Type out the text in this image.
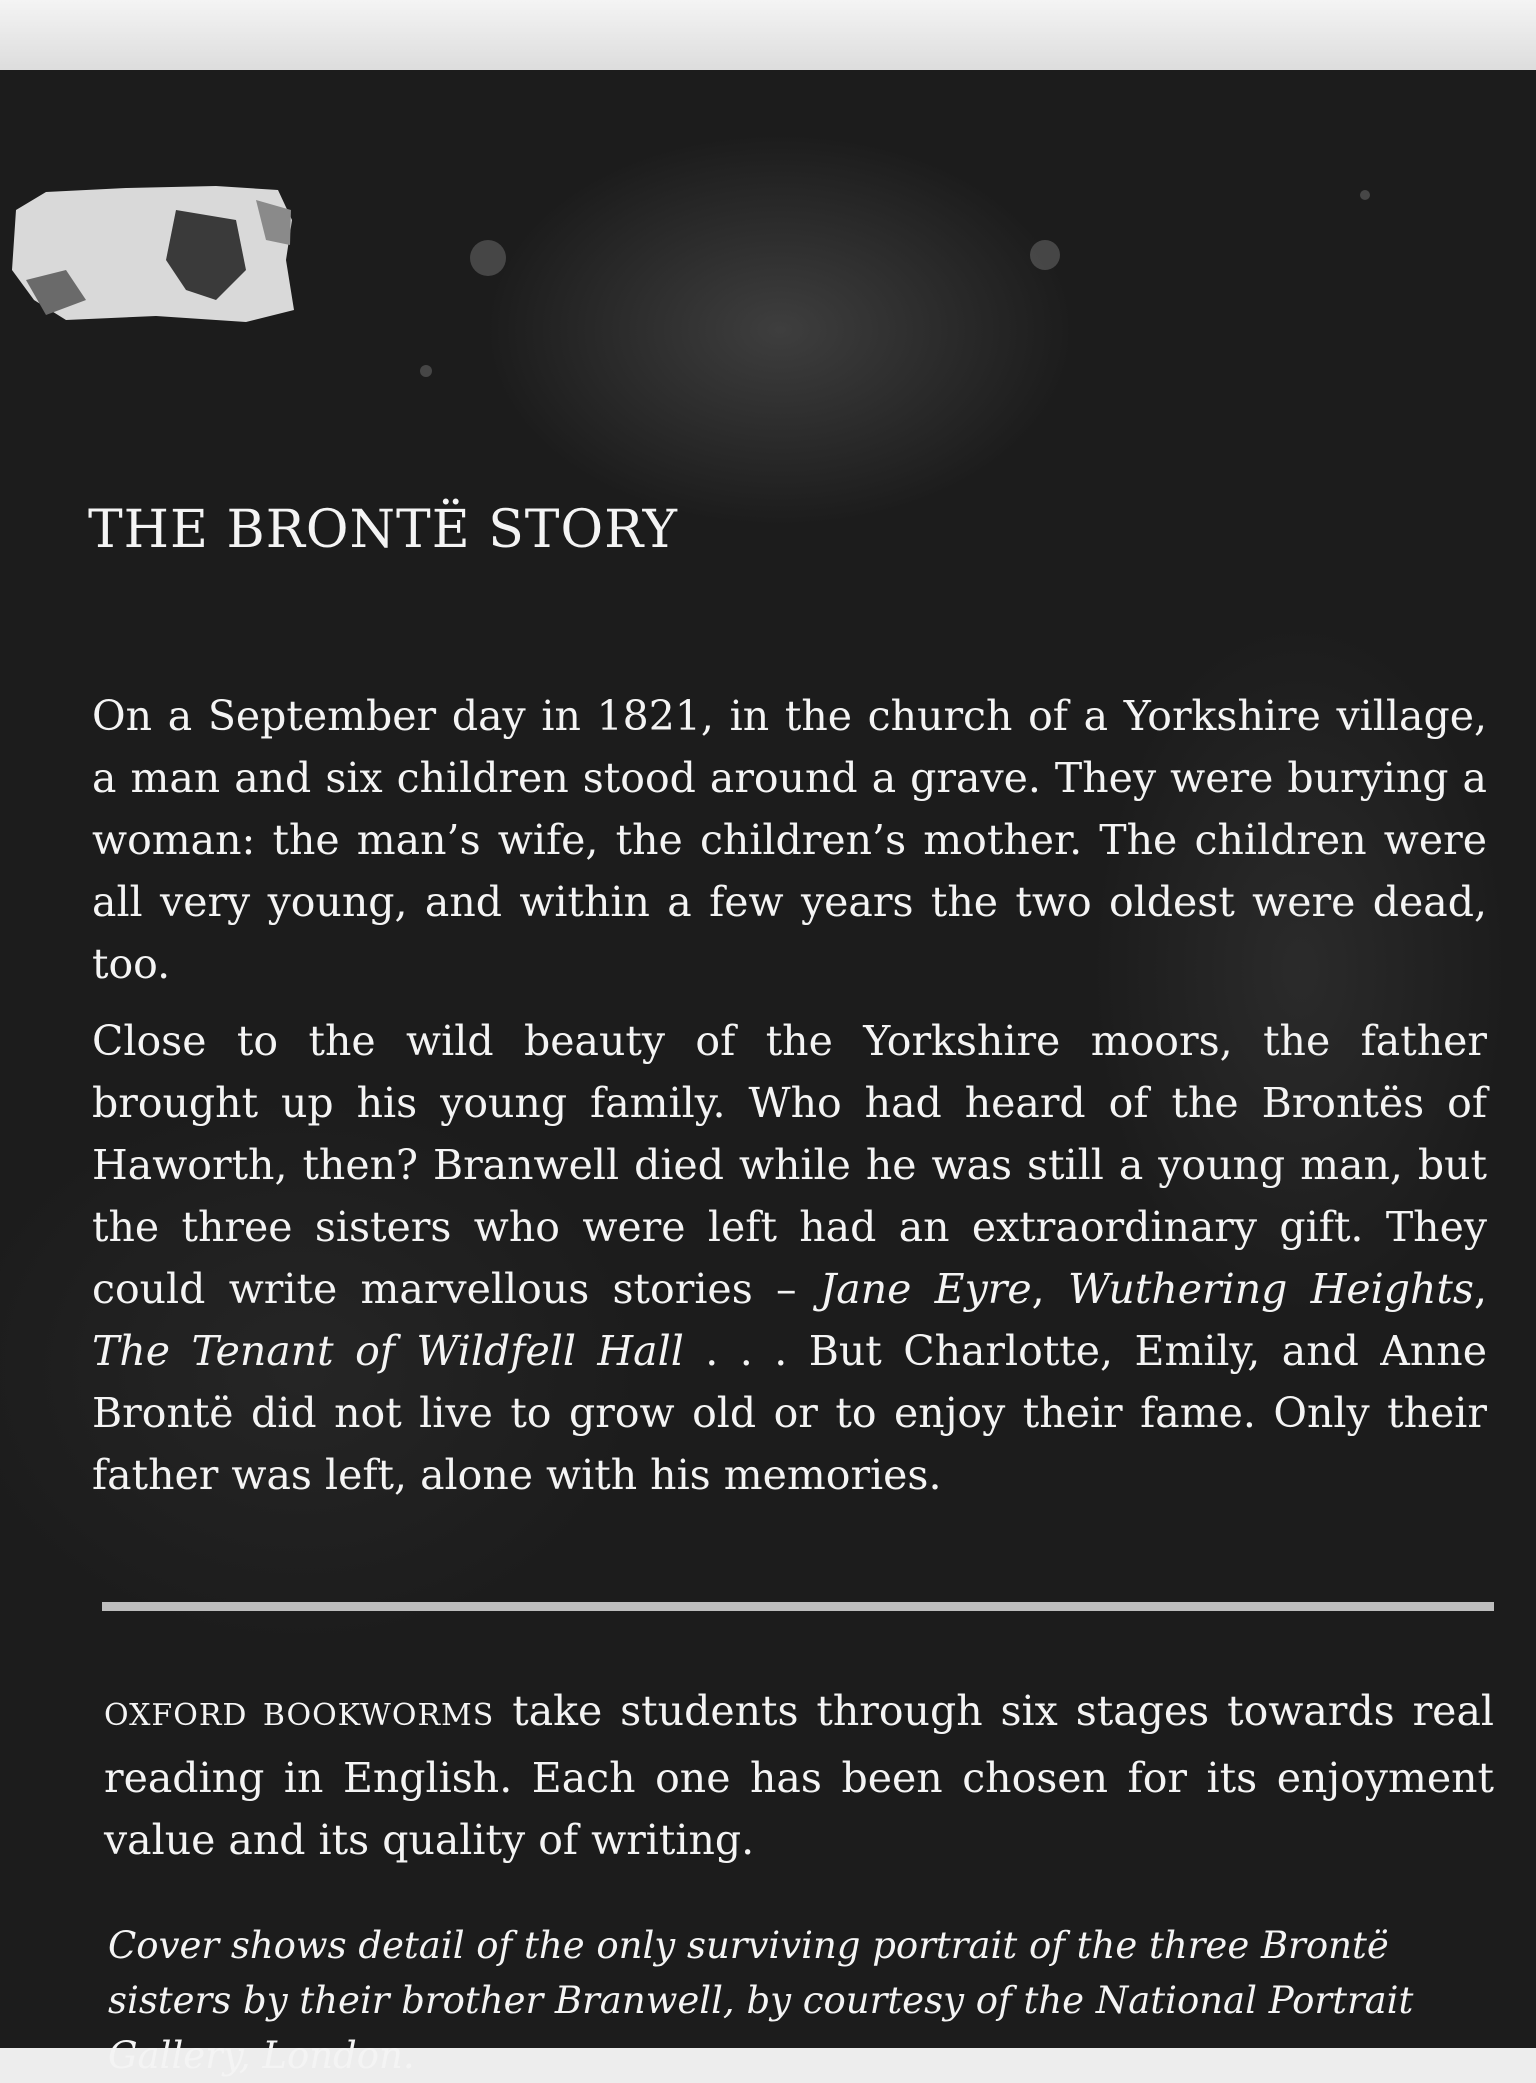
THE BRONTË STORY

On a September day in 1821, in the church of a Yorkshire village, a man and six children stood around a grave. They were burying a woman: the man’s wife, the children’s mother. The children were all very young, and within a few years the two oldest were dead, too.

Close to the wild beauty of the Yorkshire moors, the father brought up his young family. Who had heard of the Brontës of Haworth, then? Branwell died while he was still a young man, but the three sisters who were left had an extraordinary gift. They could write marvellous stories – Jane Eyre, Wuthering Heights, The Tenant of Wildfell Hall . . . But Charlotte, Emily, and Anne Brontë did not live to grow old or to enjoy their fame. Only their father was left, alone with his memories.

OXFORD BOOKWORMS take students through six stages towards real reading in English. Each one has been chosen for its enjoyment value and its quality of writing.

Cover shows detail of the only surviving portrait of the three Brontë sisters by their brother Branwell, by courtesy of the National Portrait Gallery, London.
